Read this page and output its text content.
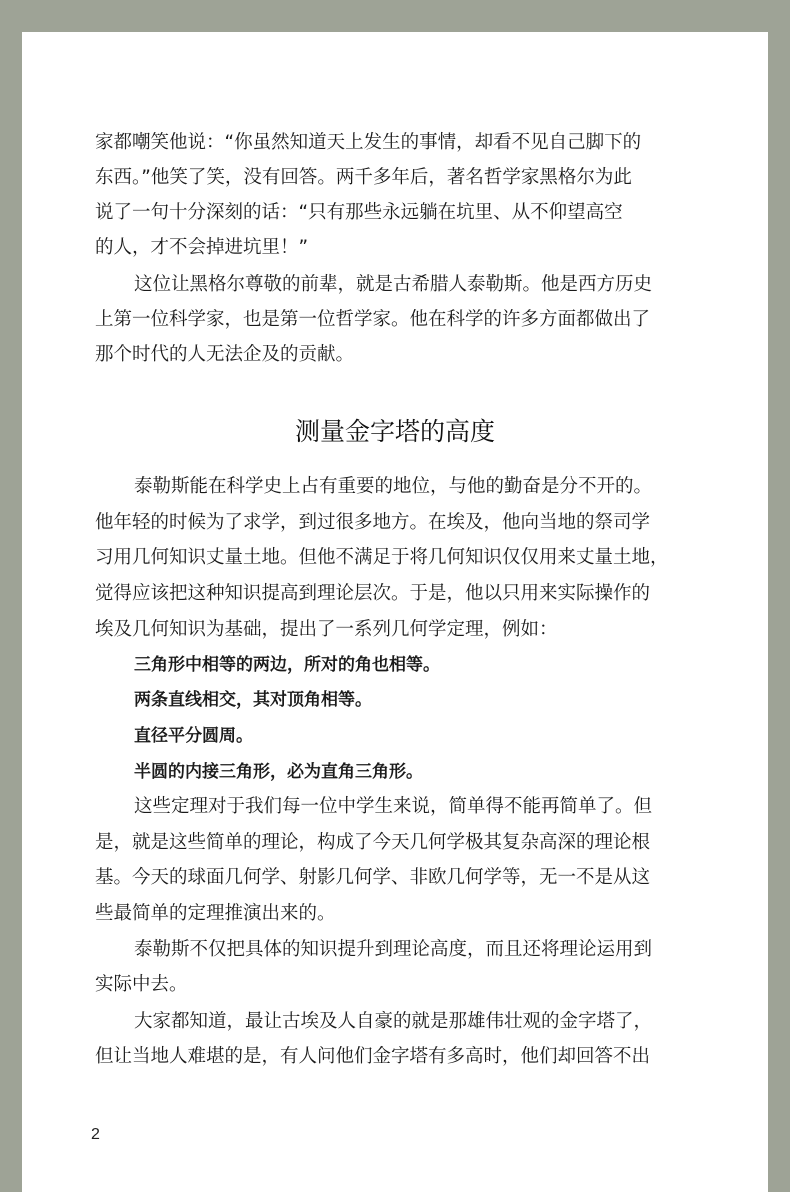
家都嘲笑他说：“你虽然知道天上发生的事情，却看不见自己脚下的
东西。”他笑了笑，没有回答。两千多年后，著名哲学家黑格尔为此
说了一句十分深刻的话：“只有那些永远躺在坑里、从不仰望高空
的人，才不会掉进坑里！”
这位让黑格尔尊敬的前辈，就是古希腊人泰勒斯。他是西方历史
上第一位科学家，也是第一位哲学家。他在科学的许多方面都做出了
那个时代的人无法企及的贡献。
测量金字塔的高度
泰勒斯能在科学史上占有重要的地位，与他的勤奋是分不开的。
他年轻的时候为了求学，到过很多地方。在埃及，他向当地的祭司学
习用几何知识丈量土地。但他不满足于将几何知识仅仅用来丈量土地，
觉得应该把这种知识提高到理论层次。于是，他以只用来实际操作的
埃及几何知识为基础，提出了一系列几何学定理，例如：
三角形中相等的两边，所对的角也相等。
两条直线相交，其对顶角相等。
直径平分圆周。
半圆的内接三角形，必为直角三角形。
这些定理对于我们每一位中学生来说，简单得不能再简单了。但
是，就是这些简单的理论，构成了今天几何学极其复杂高深的理论根
基。今天的球面几何学、射影几何学、非欧几何学等，无一不是从这
些最简单的定理推演出来的。
泰勒斯不仅把具体的知识提升到理论高度，而且还将理论运用到
实际中去。
大家都知道，最让古埃及人自豪的就是那雄伟壮观的金字塔了，
但让当地人难堪的是，有人问他们金字塔有多高时，他们却回答不出
2
